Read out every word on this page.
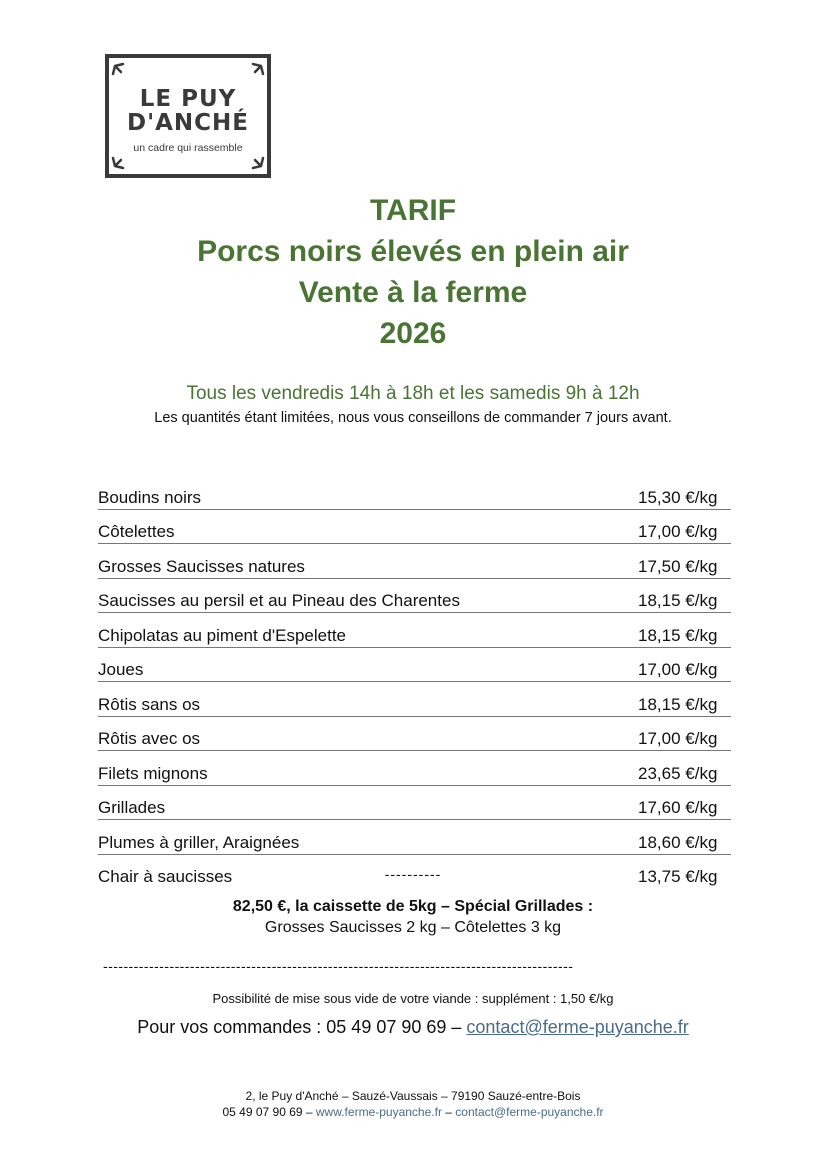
LE PUY
D'ANCHÉ
un cadre qui rassemble
TARIF
Porcs noirs élevés en plein air
Vente à la ferme
2026
Tous les vendredis 14h à 18h et les samedis 9h à 12h
Les quantités étant limitées, nous vous conseillons de commander 7 jours avant.
Boudins noirs	15,30 €/kg
Côtelettes	17,00 €/kg
Grosses Saucisses natures	17,50 €/kg
Saucisses au persil et au Pineau des Charentes	18,15 €/kg
Chipolatas au piment d'Espelette	18,15 €/kg
Joues	17,00 €/kg
Rôtis sans os	18,15 €/kg
Rôtis avec os	17,00 €/kg
Filets mignons	23,65 €/kg
Grillades	17,60 €/kg
Plumes à griller, Araignées	18,60 €/kg
Chair à saucisses	13,75 €/kg
----------
82,50 €, la caissette de 5kg – Spécial Grillades :
Grosses Saucisses 2 kg – Côtelettes 3 kg
--------------------------------------------------------------------------------------------
Possibilité de mise sous vide de votre viande : supplément : 1,50 €/kg
Pour vos commandes : 05 49 07 90 69 – contact@ferme-puyanche.fr
2, le Puy d'Anché – Sauzé-Vaussais – 79190 Sauzé-entre-Bois
05 49 07 90 69 – www.ferme-puyanche.fr – contact@ferme-puyanche.fr
